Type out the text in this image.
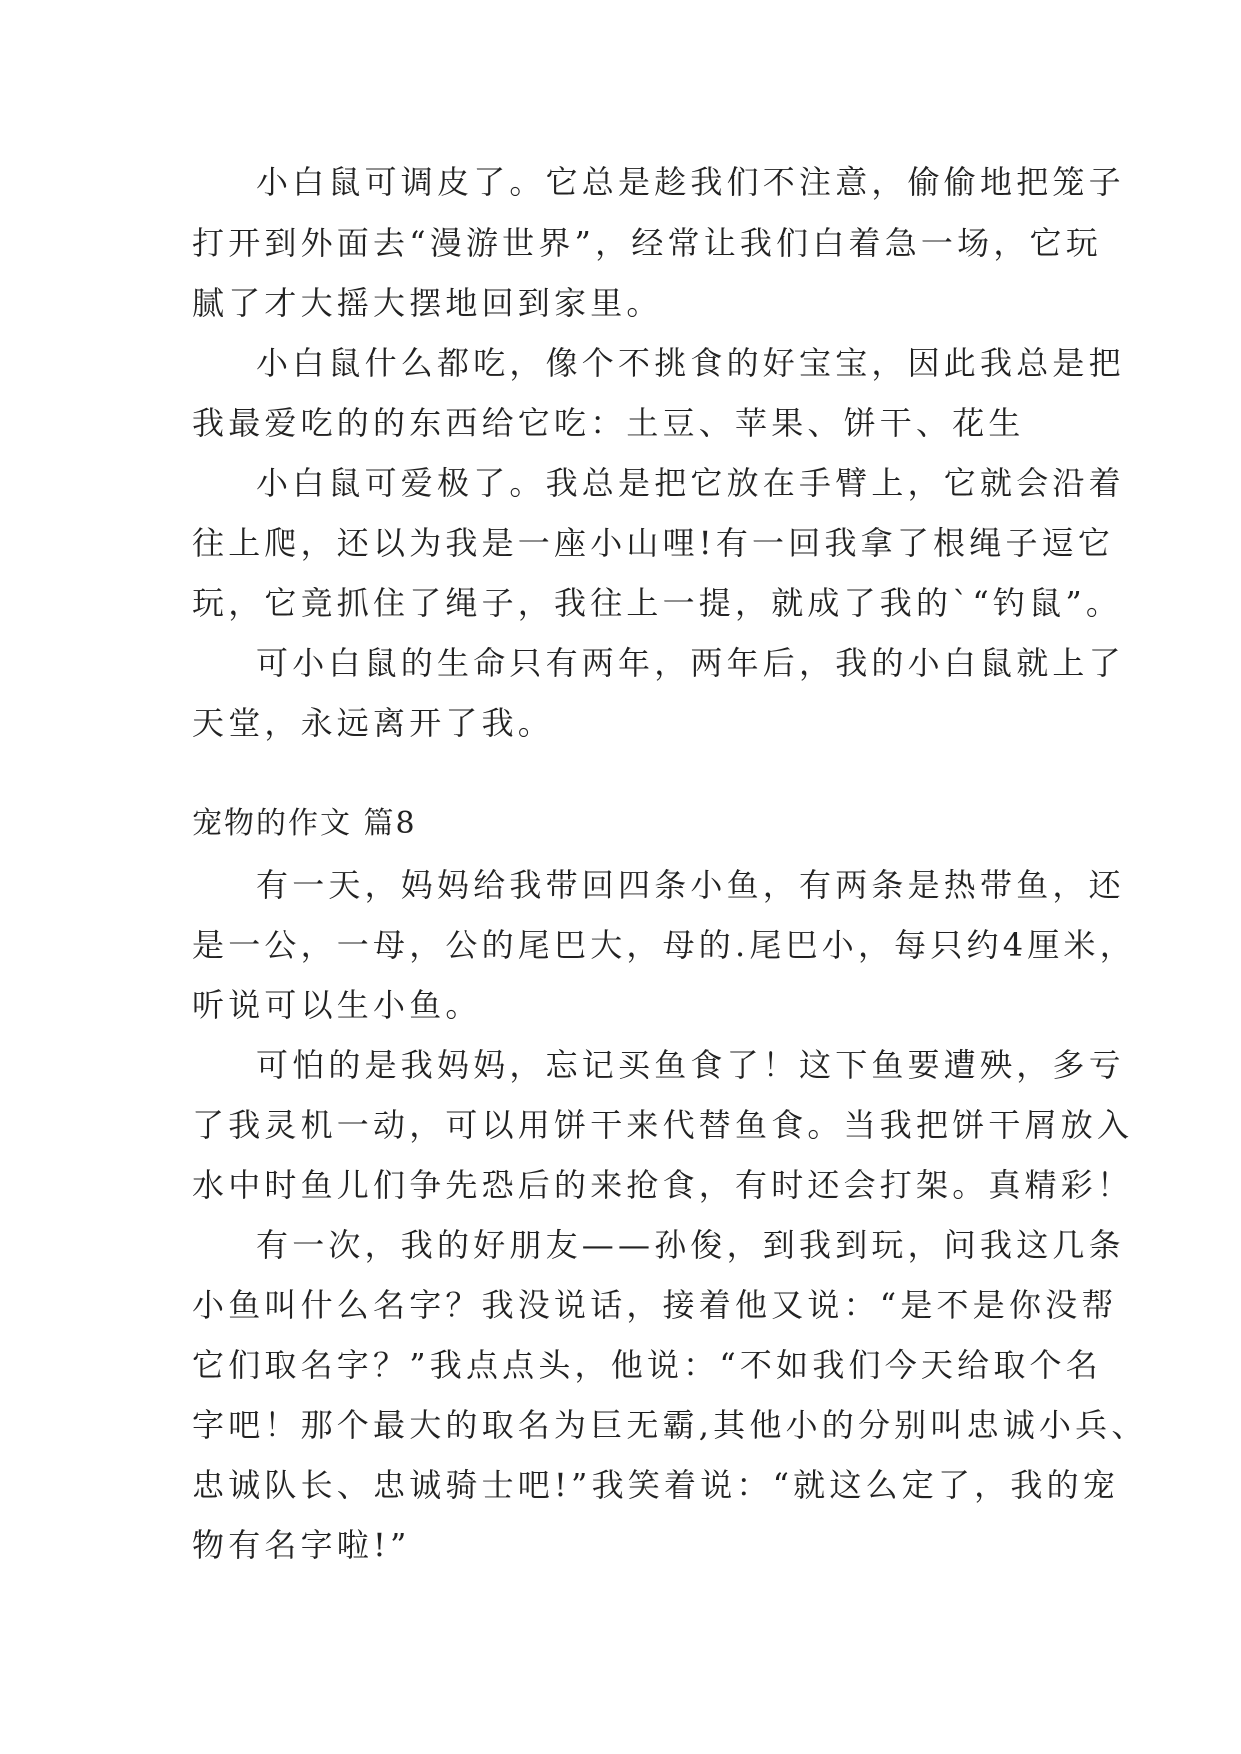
小白鼠可调皮了。它总是趁我们不注意，偷偷地把笼子

打开到外面去“漫游世界”，经常让我们白着急一场，它玩

腻了才大摇大摆地回到家里。

小白鼠什么都吃，像个不挑食的好宝宝，因此我总是把

我最爱吃的的东西给它吃：土豆、苹果、饼干、花生

小白鼠可爱极了。我总是把它放在手臂上，它就会沿着

往上爬，还以为我是一座小山哩!有一回我拿了根绳子逗它

玩，它竟抓住了绳子，我往上一提，就成了我的`“钓鼠”。

可小白鼠的生命只有两年，两年后，我的小白鼠就上了

天堂，永远离开了我。

宠物的作文 篇8

有一天，妈妈给我带回四条小鱼，有两条是热带鱼，还

是一公，一母，公的尾巴大，母的.尾巴小，每只约4厘米，

听说可以生小鱼。

可怕的是我妈妈，忘记买鱼食了！这下鱼要遭殃，多亏

了我灵机一动，可以用饼干来代替鱼食。当我把饼干屑放入

水中时鱼儿们争先恐后的来抢食，有时还会打架。真精彩！

有一次，我的好朋友——孙俊，到我到玩，问我这几条

小鱼叫什么名字？我没说话，接着他又说：“是不是你没帮

它们取名字？”我点点头，他说：“不如我们今天给取个名

字吧！那个最大的取名为巨无霸,其他小的分别叫忠诚小兵、

忠诚队长、忠诚骑士吧!”我笑着说：“就这么定了，我的宠

物有名字啦!”
